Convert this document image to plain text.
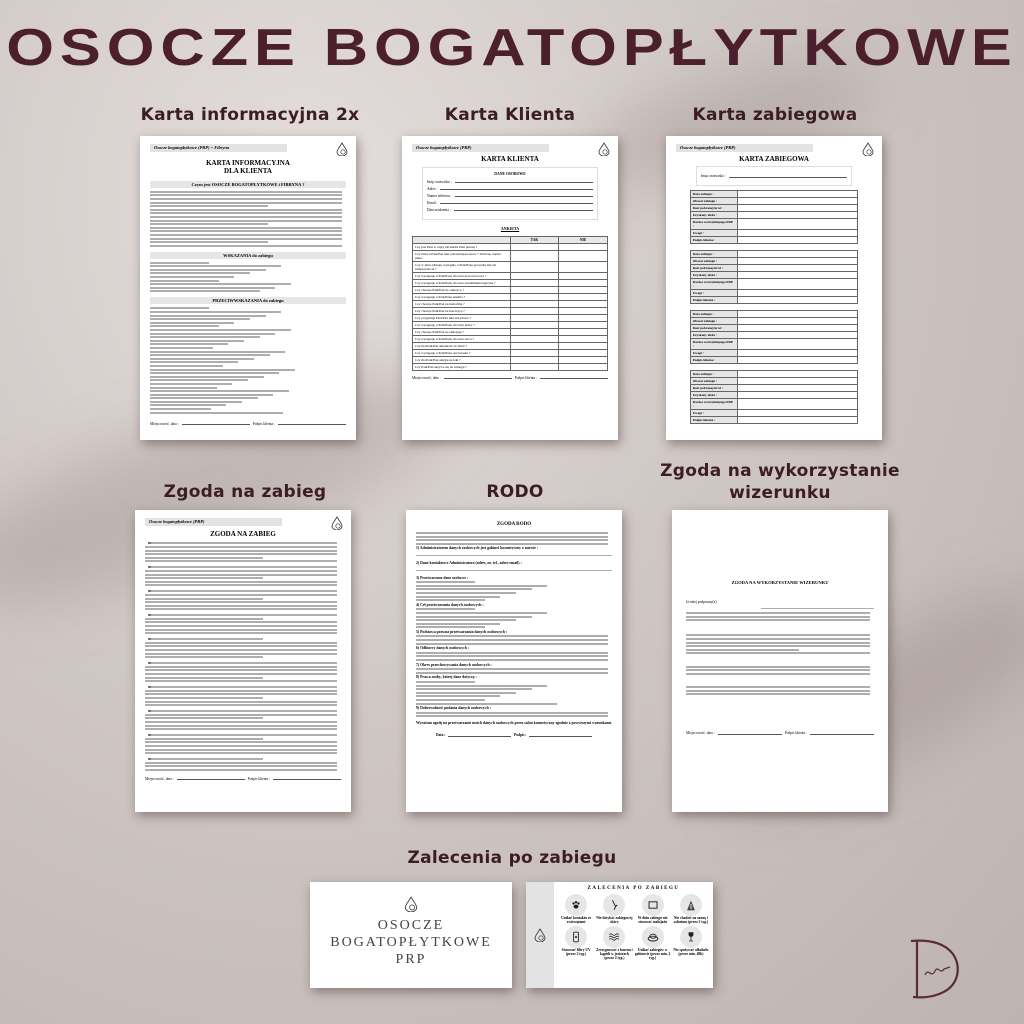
OSOCZE BOGATOPŁYTKOWE
Karta informacyjna 2x	Karta Klienta	Karta zabiegowa
Osocze bogatopłytkowe (PRP) + Fibryna
KARTA INFORMACYJNA
DLA KLIENTA
Czym jest OSOCZE BOGATOPŁYTKOWE i FIBRYNA ?
WSKAZANIA do zabiegu
PRZECIWWSKAZANIA do zabiegu
Miejscowość, data :	Podpis klienta :
Osocze bogatopłytkowe (PRP)
KARTA KLIENTA
DANE OSOBOWE
Imię i nazwisko :
Adres :
Numer telefonu :
Email :
Data urodzenia :
ANKIETA
	TAK	NIE
Czy jest Pani w ciąży lub karmi Pani piersią ?		
Czy miewa Pani/Pan leki rozrzedzające krew ? Jeśli tak, napisz jakie:		
Czy w dniu zabiegu wystąpiło u Pani/Pana gorączka lub złe samopoczucie ?		
Czy występuje u Pani/Pana choroba nowotworowa ?		
Czy występuje u Pani/Pana choroba autoimmunologiczna ?		
Czy choruje Pani/Pan na cukrzycę ?		
Czy występuje u Pani/Pana anemia ?		
Czy choruje Pani/Pan na hemofilię ?		
Czy choruje Pani/Pan na łuszczycę ?		
Czy przyjmuje Pani/Pan leki sterydowe ?		
Czy występują u Pani/Pana choroby skóry ?		
Czy choruje Pani/Pan na epilepsję ?		
Czy występuje u Pani/Pana choroba serca ?		
Czy ma Pani/Pan skłonność do blizn ?		
Czy występuje u Pani/Pana opryszczka ?		
Czy ma Pani/Pan alergie na leki ?		
Czy Pani/Pan ukrywa się na zabiegu ?		
Miejscowość, data :	Podpis klienta :
Osocze bogatopłytkowe (PRP)
KARTA ZABIEGOWA
Imię i nazwisko :
Data zabiegu :	
Obszar zabiegu :	
Ilość pobranej krwi :	
Uzyskany efekt :	
Dawka wstrzykniętego PRP :	
Uwagi :	
Podpis klienta :	
Data zabiegu :	
Obszar zabiegu :	
Ilość pobranej krwi :	
Uzyskany efekt :	
Dawka wstrzykniętego PRP :	
Uwagi :	
Podpis klienta :	
Data zabiegu :	
Obszar zabiegu :	
Ilość pobranej krwi :	
Uzyskany efekt :	
Dawka wstrzykniętego PRP :	
Uwagi :	
Podpis klienta :	
Data zabiegu :	
Obszar zabiegu :	
Ilość pobranej krwi :	
Uzyskany efekt :	
Dawka wstrzykniętego PRP :	
Uwagi :	
Podpis klienta :	
Zgoda na zabieg	RODO
Zgoda na wykorzystanie
wizerunku
Osocze bogatopłytkowe (PRP)
ZGODA NA ZABIEG
Miejscowość, data :	Podpis klienta :
ZGODA RODO
1) Administratorem danych osobowych jest gabinet kosmetyczny o nazwie :
2) Dane kontaktowe Administratora (adres, nr. tel., adres email) :
3) Przetwarzane dane osobowe :
4) Cel przetwarzania danych osobowych :
5) Podstawa prawna przetwarzania danych osobowych :
6) Odbiorcy danych osobowych :
7) Okres przechowywania danych osobowych :
8) Prawa osoby, której dane dotyczą :
9) Dobrowolność podania danych osobowych :
Wyrażam zgodę na przetwarzanie moich danych osobowych przez salon kosmetyczny zgodnie z powyższymi warunkami.
Data :	Podpis :
ZGODA NA WYKORZYSTANIE WIZERUNKU
Ja niżej podpisany(a)
Miejscowość, data :	Podpis klienta :
Zalecenia po zabiegu
OSOCZE
BOGATOPŁYTKOWE
PRP
ZALECENIA PO ZABIEGU
Unikać kontaktu ze zwierzętami
Nie dotykać zabiegowej skóry
W dniu zabiegu nie stosować makijażu
Nie chodzić na saunę i solarium (przez 2 tyg.)
Stosować filtry UV (przez 2 tyg.)
Zrezygnować z basenu i kąpieli w jeziorach (przez 2 tyg.)
Unikać zabiegów w gabinecie (przez min. 2 tyg.)
Nie spożywać alkoholu (przez min. 48h)
